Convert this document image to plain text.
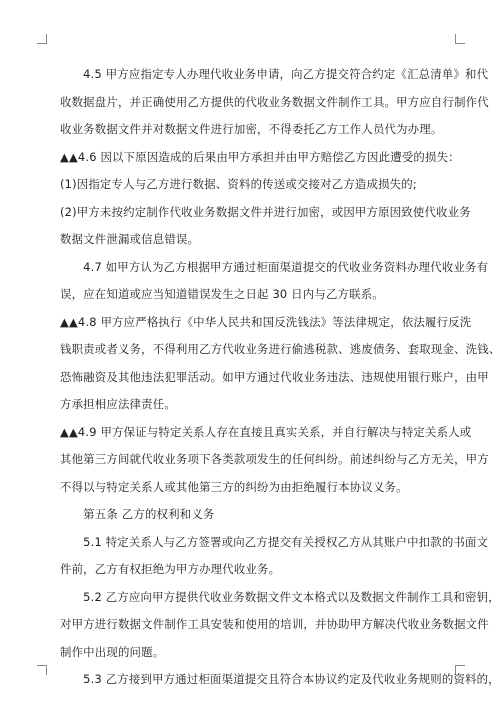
　　4.5 甲方应指定专人办理代收业务申请，向乙方提交符合约定《汇总清单》和代
收数据盘片，并正确使用乙方提供的代收业务数据文件制作工具。甲方应自行制作代
收业务数据文件并对数据文件进行加密，不得委托乙方工作人员代为办理。
▲▲4.6 因以下原因造成的后果由甲方承担并由甲方赔偿乙方因此遭受的损失：
(1)因指定专人与乙方进行数据、资料的传送或交接对乙方造成损失的;
(2)甲方未按约定制作代收业务数据文件并进行加密，或因甲方原因致使代收业务
数据文件泄漏或信息错误。
　　4.7 如甲方认为乙方根据甲方通过柜面渠道提交的代收业务资料办理代收业务有
误，应在知道或应当知道错误发生之日起 30 日内与乙方联系。
▲▲4.8 甲方应严格执行《中华人民共和国反洗钱法》等法律规定，依法履行反洗
钱职责或者义务，不得利用乙方代收业务进行偷逃税款、逃废债务、套取现金、洗钱、
恐怖融资及其他违法犯罪活动。如甲方通过代收业务违法、违规使用银行账户，由甲
方承担相应法律责任。
▲▲4.9 甲方保证与特定关系人存在直接且真实关系，并自行解决与特定关系人或
其他第三方间就代收业务项下各类款项发生的任何纠纷。前述纠纷与乙方无关，甲方
不得以与特定关系人或其他第三方的纠纷为由拒绝履行本协议义务。
　　第五条 乙方的权利和义务
　　5.1 特定关系人与乙方签署或向乙方提交有关授权乙方从其账户中扣款的书面文
件前，乙方有权拒绝为甲方办理代收业务。
　　5.2 乙方应向甲方提供代收业务数据文件文本格式以及数据文件制作工具和密钥，
对甲方进行数据文件制作工具安装和使用的培训，并协助甲方解决代收业务数据文件
制作中出现的问题。
　　5.3 乙方接到甲方通过柜面渠道提交且符合本协议约定及代收业务规则的资料的，
